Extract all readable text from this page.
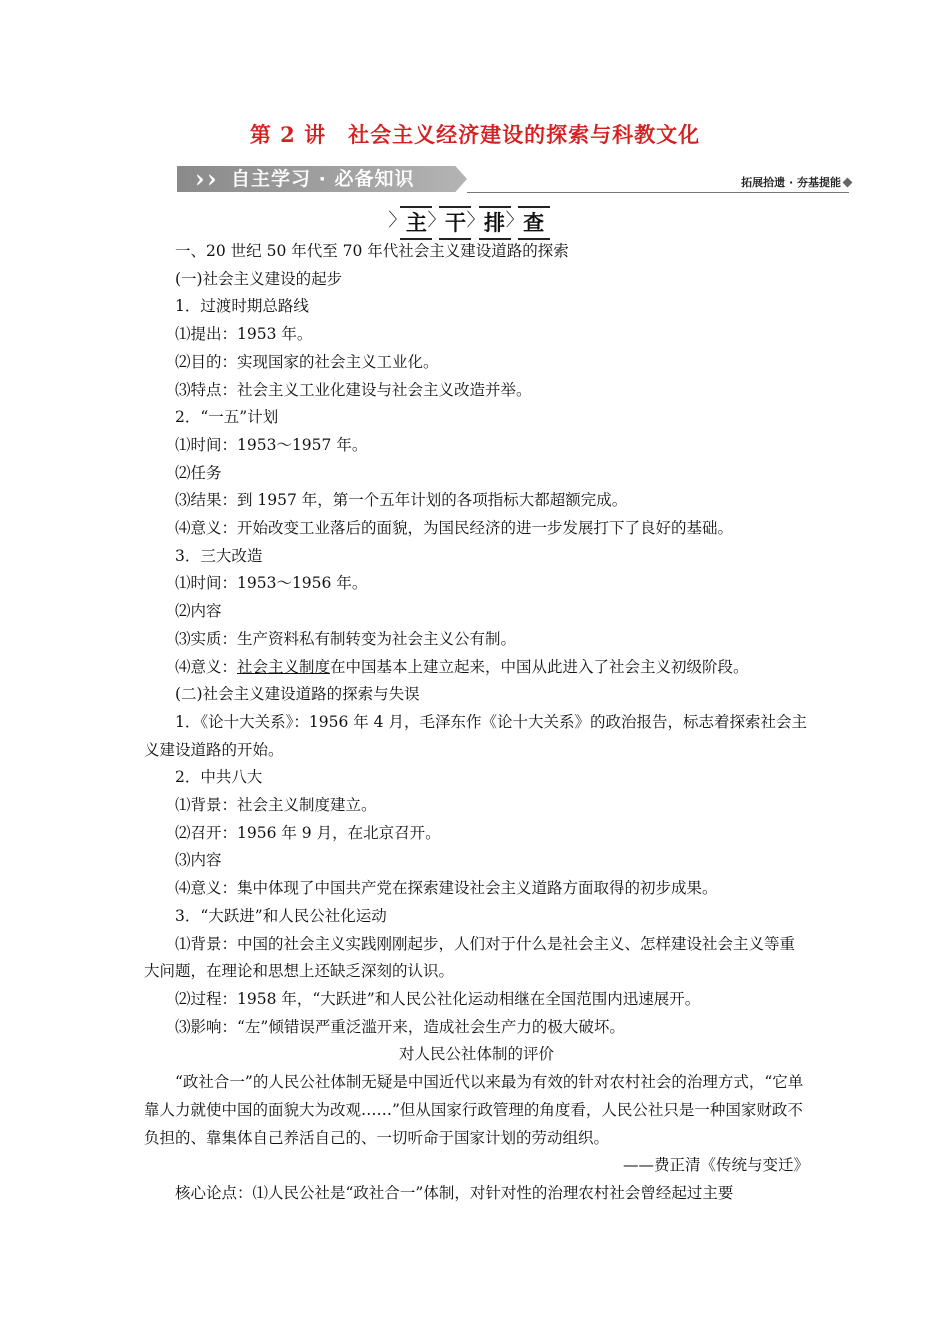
第 2 讲　社会主义经济建设的探索与科教文化
› › 自主学习 · 必备知识	拓展拾遗 · 夯基提能
〉 主 〉 干 〉 排 〉 查

一、20 世纪 50 年代至 70 年代社会主义建设道路的探索

(一)社会主义建设的起步

1．过渡时期总路线

⑴提出：1953 年。

⑵目的：实现国家的社会主义工业化。

⑶特点：社会主义工业化建设与社会主义改造并举。

2．“一五”计划

⑴时间：1953～1957 年。

⑵任务

⑶结果：到 1957 年，第一个五年计划的各项指标大都超额完成。

⑷意义：开始改变工业落后的面貌，为国民经济的进一步发展打下了良好的基础。

3．三大改造

⑴时间：1953～1956 年。

⑵内容

⑶实质：生产资料私有制转变为社会主义公有制。

⑷意义：社会主义制度在中国基本上建立起来，中国从此进入了社会主义初级阶段。

(二)社会主义建设道路的探索与失误

1．《论十大关系》：1956 年 4 月，毛泽东作《论十大关系》的政治报告，标志着探索社会主义建设道路的开始。

2．中共八大

⑴背景：社会主义制度建立。

⑵召开：1956 年 9 月，在北京召开。

⑶内容

⑷意义：集中体现了中国共产党在探索建设社会主义道路方面取得的初步成果。

3．“大跃进”和人民公社化运动

⑴背景：中国的社会主义实践刚刚起步，人们对于什么是社会主义、怎样建设社会主义等重大问题，在理论和思想上还缺乏深刻的认识。

⑵过程：1958 年，“大跃进”和人民公社化运动相继在全国范围内迅速展开。

⑶影响：“左”倾错误严重泛滥开来，造成社会生产力的极大破坏。

对人民公社体制的评价

“政社合一”的人民公社体制无疑是中国近代以来最为有效的针对农村社会的治理方式，“它单靠人力就使中国的面貌大为改观……”但从国家行政管理的角度看，人民公社只是一种国家财政不负担的、靠集体自己养活自己的、一切听命于国家计划的劳动组织。

——费正清《传统与变迁》

核心论点：⑴人民公社是“政社合一”体制，对针对性的治理农村社会曾经起过主要
